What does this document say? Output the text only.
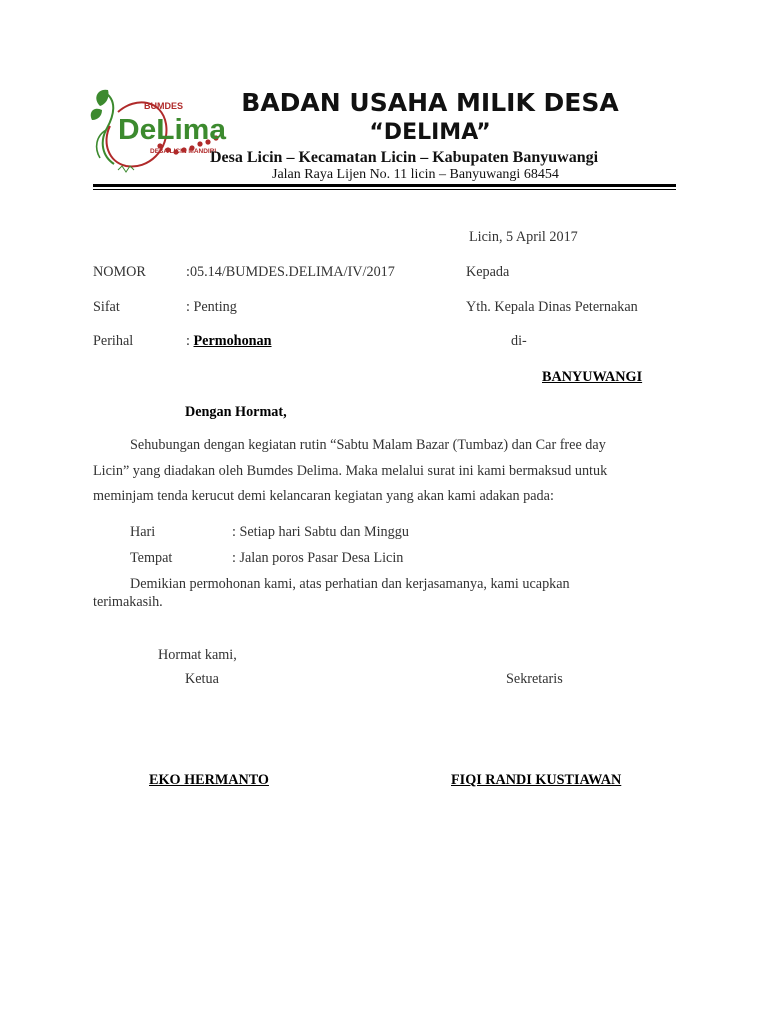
BUMDES
DeLima
DESA LICIN MANDIRI
BADAN USAHA MILIK DESA
“DELIMA”
Desa Licin – Kecamatan Licin – Kabupaten Banyuwangi
Jalan Raya Lijen No. 11 licin – Banyuwangi 68454
Licin, 5 April 2017
NOMOR	:05.14/BUMDES.DELIMA/IV/2017	Kepada
Sifat	: Penting	Yth. Kepala Dinas Peternakan
Perihal	: Permohonan	di-
BANYUWANGI
Dengan Hormat,
Sehubungan dengan kegiatan rutin “Sabtu Malam Bazar (Tumbaz) dan Car free day
Licin” yang diadakan oleh Bumdes Delima. Maka melalui surat ini kami bermaksud untuk
meminjam tenda kerucut demi kelancaran kegiatan yang akan kami adakan pada:
Hari	: Setiap hari Sabtu dan Minggu
Tempat	: Jalan poros Pasar Desa Licin
Demikian permohonan kami, atas perhatian dan kerjasamanya, kami ucapkan
terimakasih.
Hormat kami,
Ketua	Sekretaris
EKO HERMANTO	FIQI RANDI KUSTIAWAN
